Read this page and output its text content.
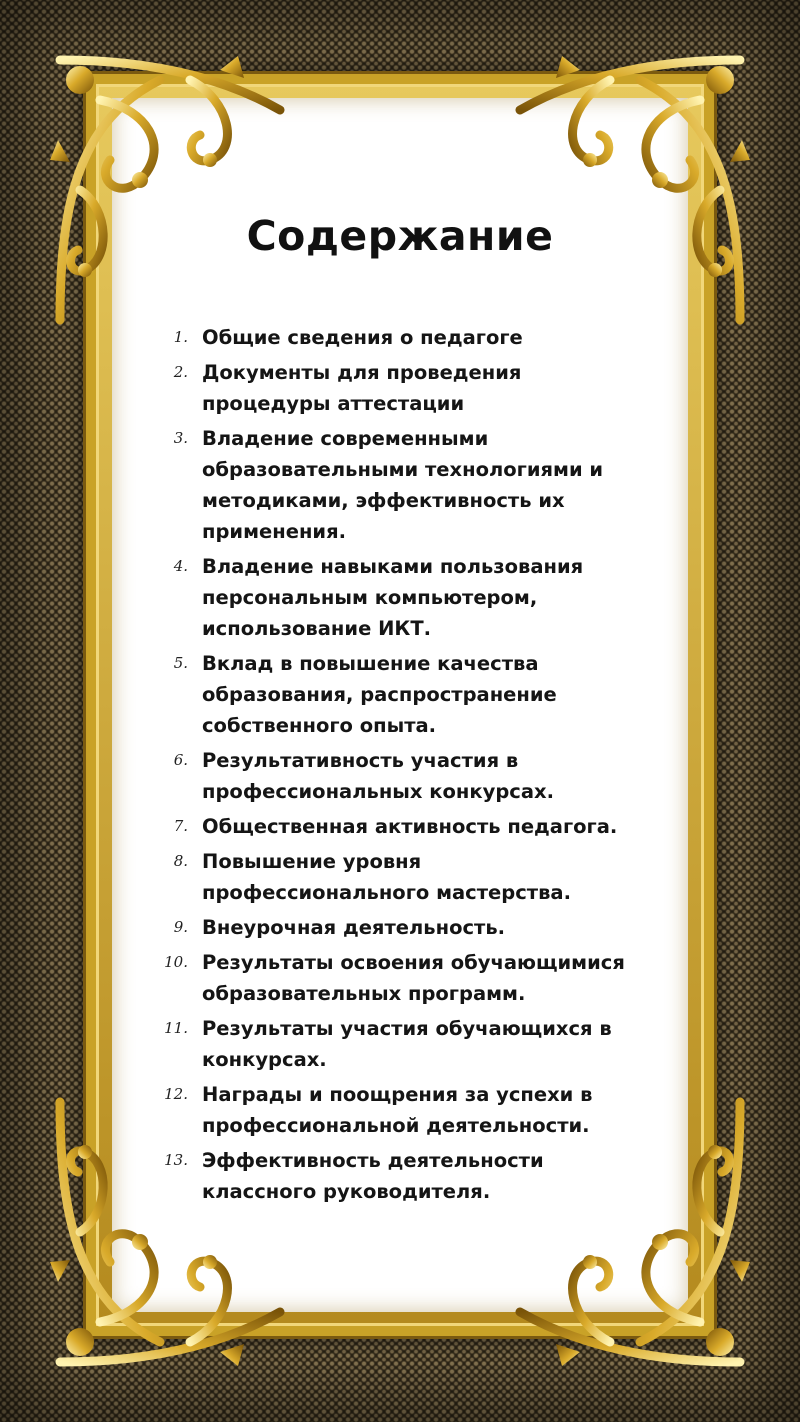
Содержание
1. Общие сведения о педагоге
2. Документы для проведения процедуры аттестации
3. Владение современными образовательными технологиями и методиками, эффективность их применения.
4. Владение навыками пользования персональным компьютером, использование ИКТ.
5. Вклад в повышение качества образования, распространение собственного опыта.
6. Результативность участия в профессиональных конкурсах.
7. Общественная активность педагога.
8. Повышение уровня профессионального мастерства.
9. Внеурочная деятельность.
10. Результаты освоения обучающимися образовательных программ.
11. Результаты участия обучающихся в конкурсах.
12. Награды и поощрения за успехи в профессиональной деятельности.
13. Эффективность деятельности классного руководителя.
